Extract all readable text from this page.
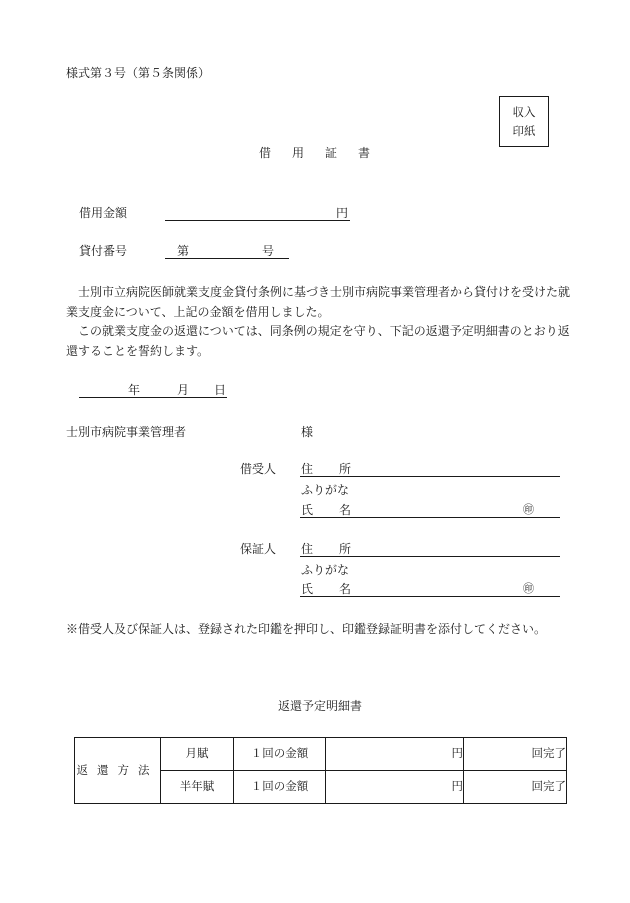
様式第３号（第５条関係）
収入
印紙
借用証書
借用金額	円
貸付番号	第	号
　士別市立病院医師就業支度金貸付条例に基づき士別市病院事業管理者から貸付けを受けた就業支度金について、上記の金額を借用しました。
　この就業支度金の返還については、同条例の規定を守り、下記の返還予定明細書のとおり返還することを誓約します。
年	月 日
士別市病院事業管理者	様
借受人 住 所
ふりがな
氏 名	㊞
保証人 住 所
ふりがな
氏 名	㊞
※借受人及び保証人は、登録された印鑑を押印し、印鑑登録証明書を添付してください。
返還予定明細書
返還方法	月賦	１回の金額	円	回完了
	半年賦	１回の金額	円	回完了
